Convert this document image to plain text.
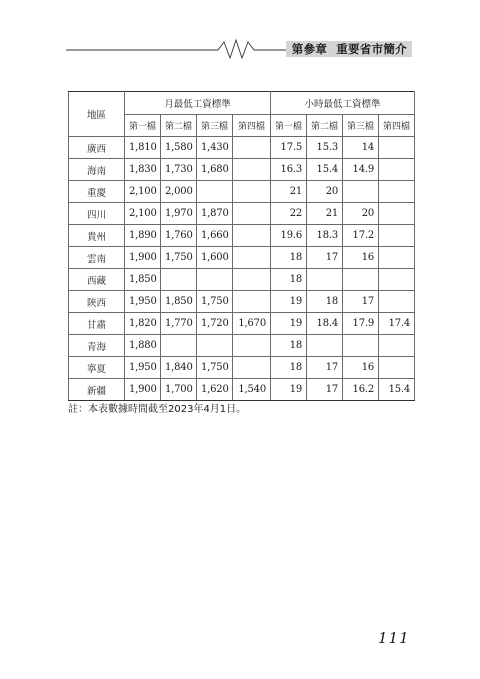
第參章 重要省市簡介
地區	月最低工資標準				小時最低工資標準			
	第一檔	第二檔	第三檔	第四檔	第一檔	第二檔	第三檔	第四檔
廣西	1,810	1,580	1,430		17.5	15.3	14	
海南	1,830	1,730	1,680		16.3	15.4	14.9	
重慶	2,100	2,000			21	20		
四川	2,100	1,970	1,870		22	21	20	
貴州	1,890	1,760	1,660		19.6	18.3	17.2	
雲南	1,900	1,750	1,600		18	17	16	
西藏	1,850				18			
陝西	1,950	1,850	1,750		19	18	17	
甘肅	1,820	1,770	1,720	1,670	19	18.4	17.9	17.4
青海	1,880				18			
寧夏	1,950	1,840	1,750		18	17	16	
新疆	1,900	1,700	1,620	1,540	19	17	16.2	15.4
註：本表數據時間截至2023年4月1日。
111
